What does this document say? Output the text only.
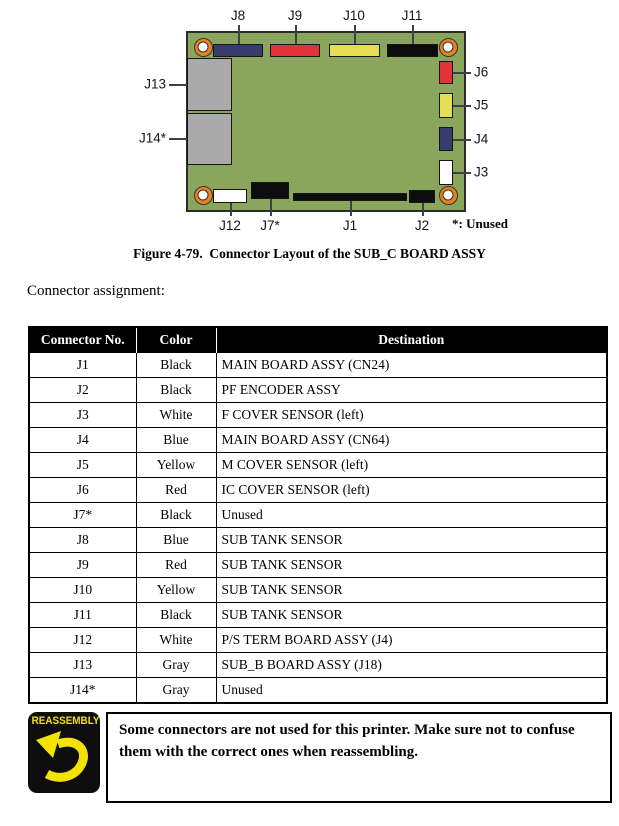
*: Unused
J8	J9	J10	J11
J13
J14*
J6
J5
J4
J3
J12 J7*	J1	J2
Figure 4-79.  Connector Layout of the SUB_C BOARD ASSY
Connector assignment:
Connector No.	Color	Destination
J1	Black	MAIN BOARD ASSY (CN24)
J2	Black	PF ENCODER ASSY
J3	White	F COVER SENSOR (left)
J4	Blue	MAIN BOARD ASSY (CN64)
J5	Yellow	M COVER SENSOR (left)
J6	Red	IC COVER SENSOR (left)
J7*	Black	Unused
J8	Blue	SUB TANK SENSOR
J9	Red	SUB TANK SENSOR
J10	Yellow	SUB TANK SENSOR
J11	Black	SUB TANK SENSOR
J12	White	P/S TERM BOARD ASSY (J4)
J13	Gray	SUB_B BOARD ASSY (J18)
J14*	Gray	Unused
REASSEMBLY

Some connectors are not used for this printer. Make sure not to confuse them with the correct ones when reassembling.
